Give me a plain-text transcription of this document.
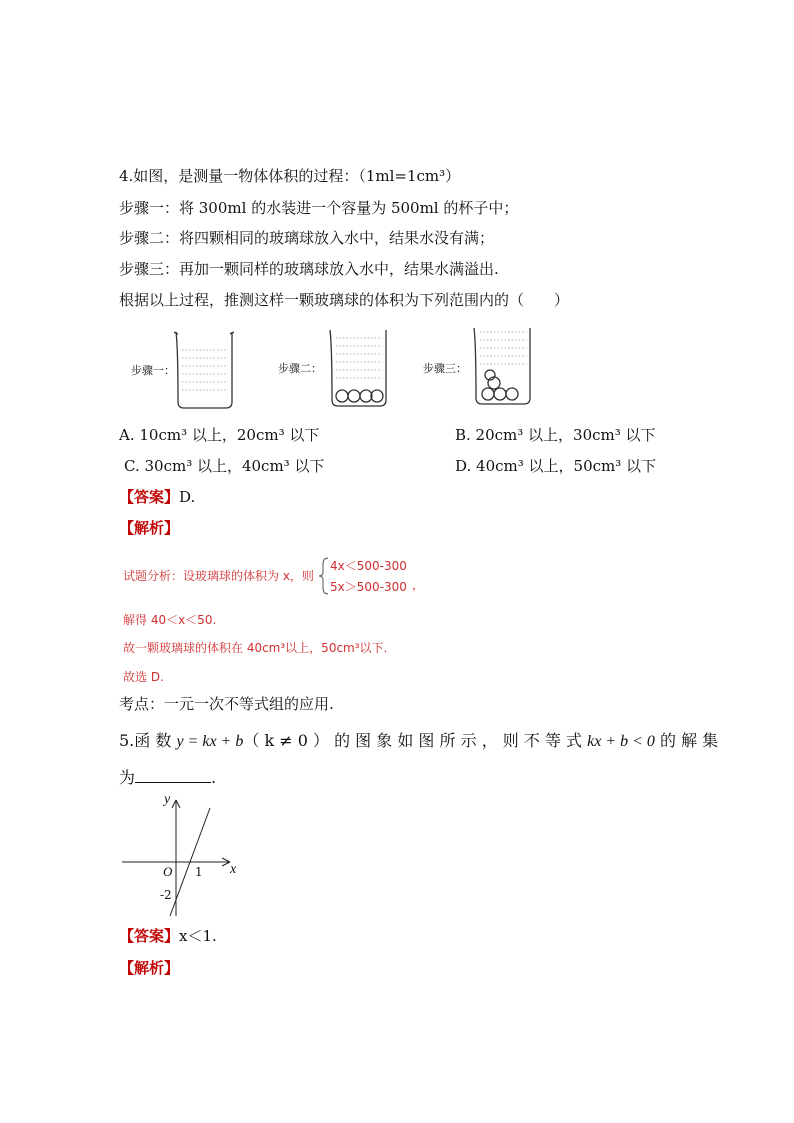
4.如图，是测量一物体体积的过程：（1ml=1cm³）
步骤一：将 300ml 的水装进一个容量为 500ml 的杯子中；
步骤二：将四颗相同的玻璃球放入水中，结果水没有满；
步骤三：再加一颗同样的玻璃球放入水中，结果水满溢出.
根据以上过程，推测这样一颗玻璃球的体积为下列范围内的（　　）
步骤一：	步骤二：	步骤三：
A. 10cm³ 以上，20cm³ 以下	B. 20cm³ 以上，30cm³ 以下
C. 30cm³ 以上，40cm³ 以下	D. 40cm³ 以上，50cm³ 以下
【答案】D.
【解析】
试题分析：设玻璃球的体积为 x，则
4x＜500-300
5x＞500-300 ，
解得 40＜x＜50.
故一颗玻璃球的体积在 40cm³以上，50cm³以下.
故选 D.
考点：一元一次不等式组的应用.
5.函 数 y = kx + b（ k ≠ 0 ） 的 图 象 如 图 所 示 ， 则 不 等 式 kx + b < 0 的 解 集
为	.
y
x
O 1
-2
【答案】x＜1.
【解析】
